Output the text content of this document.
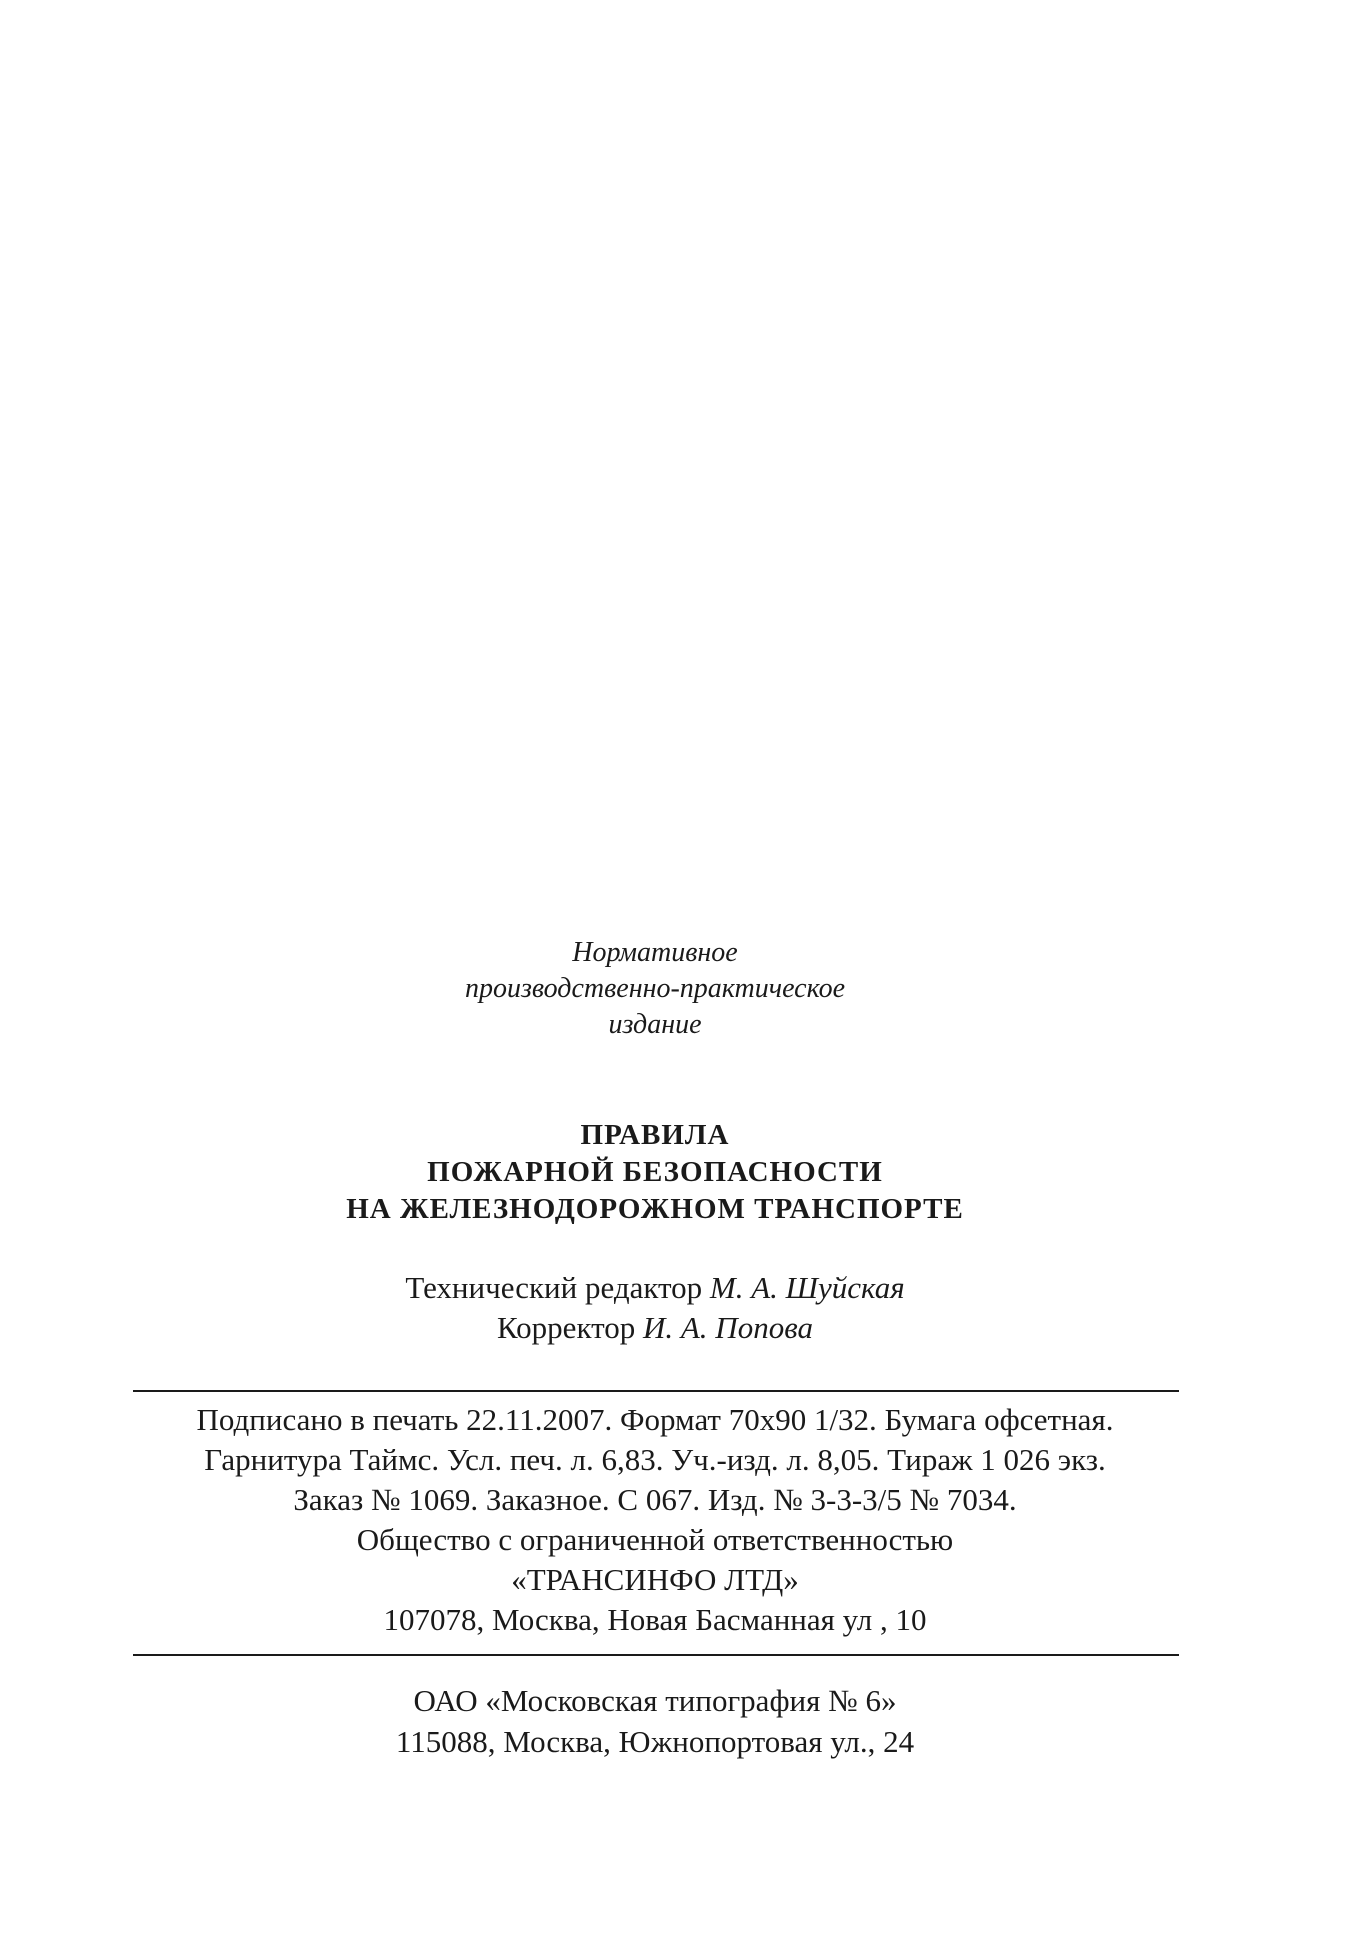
Нормативное
производственно-практическое
издание
ПРАВИЛА
ПОЖАРНОЙ БЕЗОПАСНОСТИ
НА ЖЕЛЕЗНОДОРОЖНОМ ТРАНСПОРТЕ
Технический редактор М. А. Шуйская
Корректор И. А. Попова
Подписано в печать 22.11.2007. Формат 70х90 1/32. Бумага офсетная.
Гарнитура Таймс. Усл. печ. л. 6,83. Уч.-изд. л. 8,05. Тираж 1 026 экз.
Заказ № 1069. Заказное. С 067. Изд. № 3-3-3/5 № 7034.
Общество с ограниченной ответственностью
«ТРАНСИНФО ЛТД»
107078, Москва, Новая Басманная ул , 10
ОАО «Московская типография № 6»
115088, Москва, Южнопортовая ул., 24
